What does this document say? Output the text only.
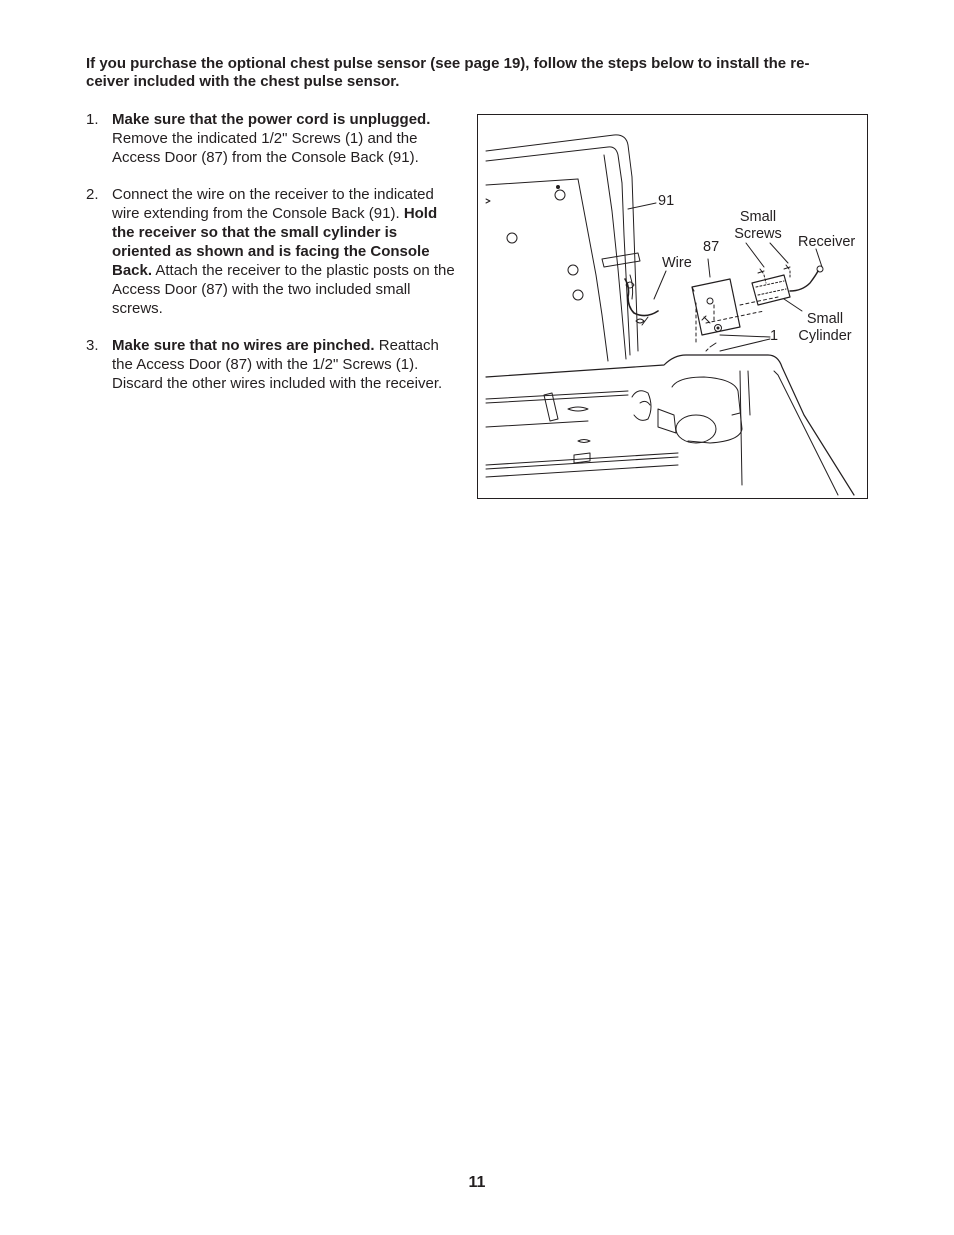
If you purchase the optional chest pulse sensor (see page 19), follow the steps below to install the re- ceiver included with the chest pulse sensor.
1. Make sure that the power cord is unplugged. Remove the indicated 1/2" Screws (1) and the Access Door (87) from the Console Back (91).
2. Connect the wire on the receiver to the indicated wire extending from the Console Back (91). Hold the receiver so that the small cylinder is oriented as shown and is facing the Console Back. Attach the receiver to the plastic posts on the Access Door (87) with the two included small screws.
3. Make sure that no wires are pinched. Reattach the Access Door (87) with the 1/2" Screws (1). Discard the other wires included with the receiver.
91
Small
Screws	Receiver
87
Wire
1
Small
Cylinder
11
